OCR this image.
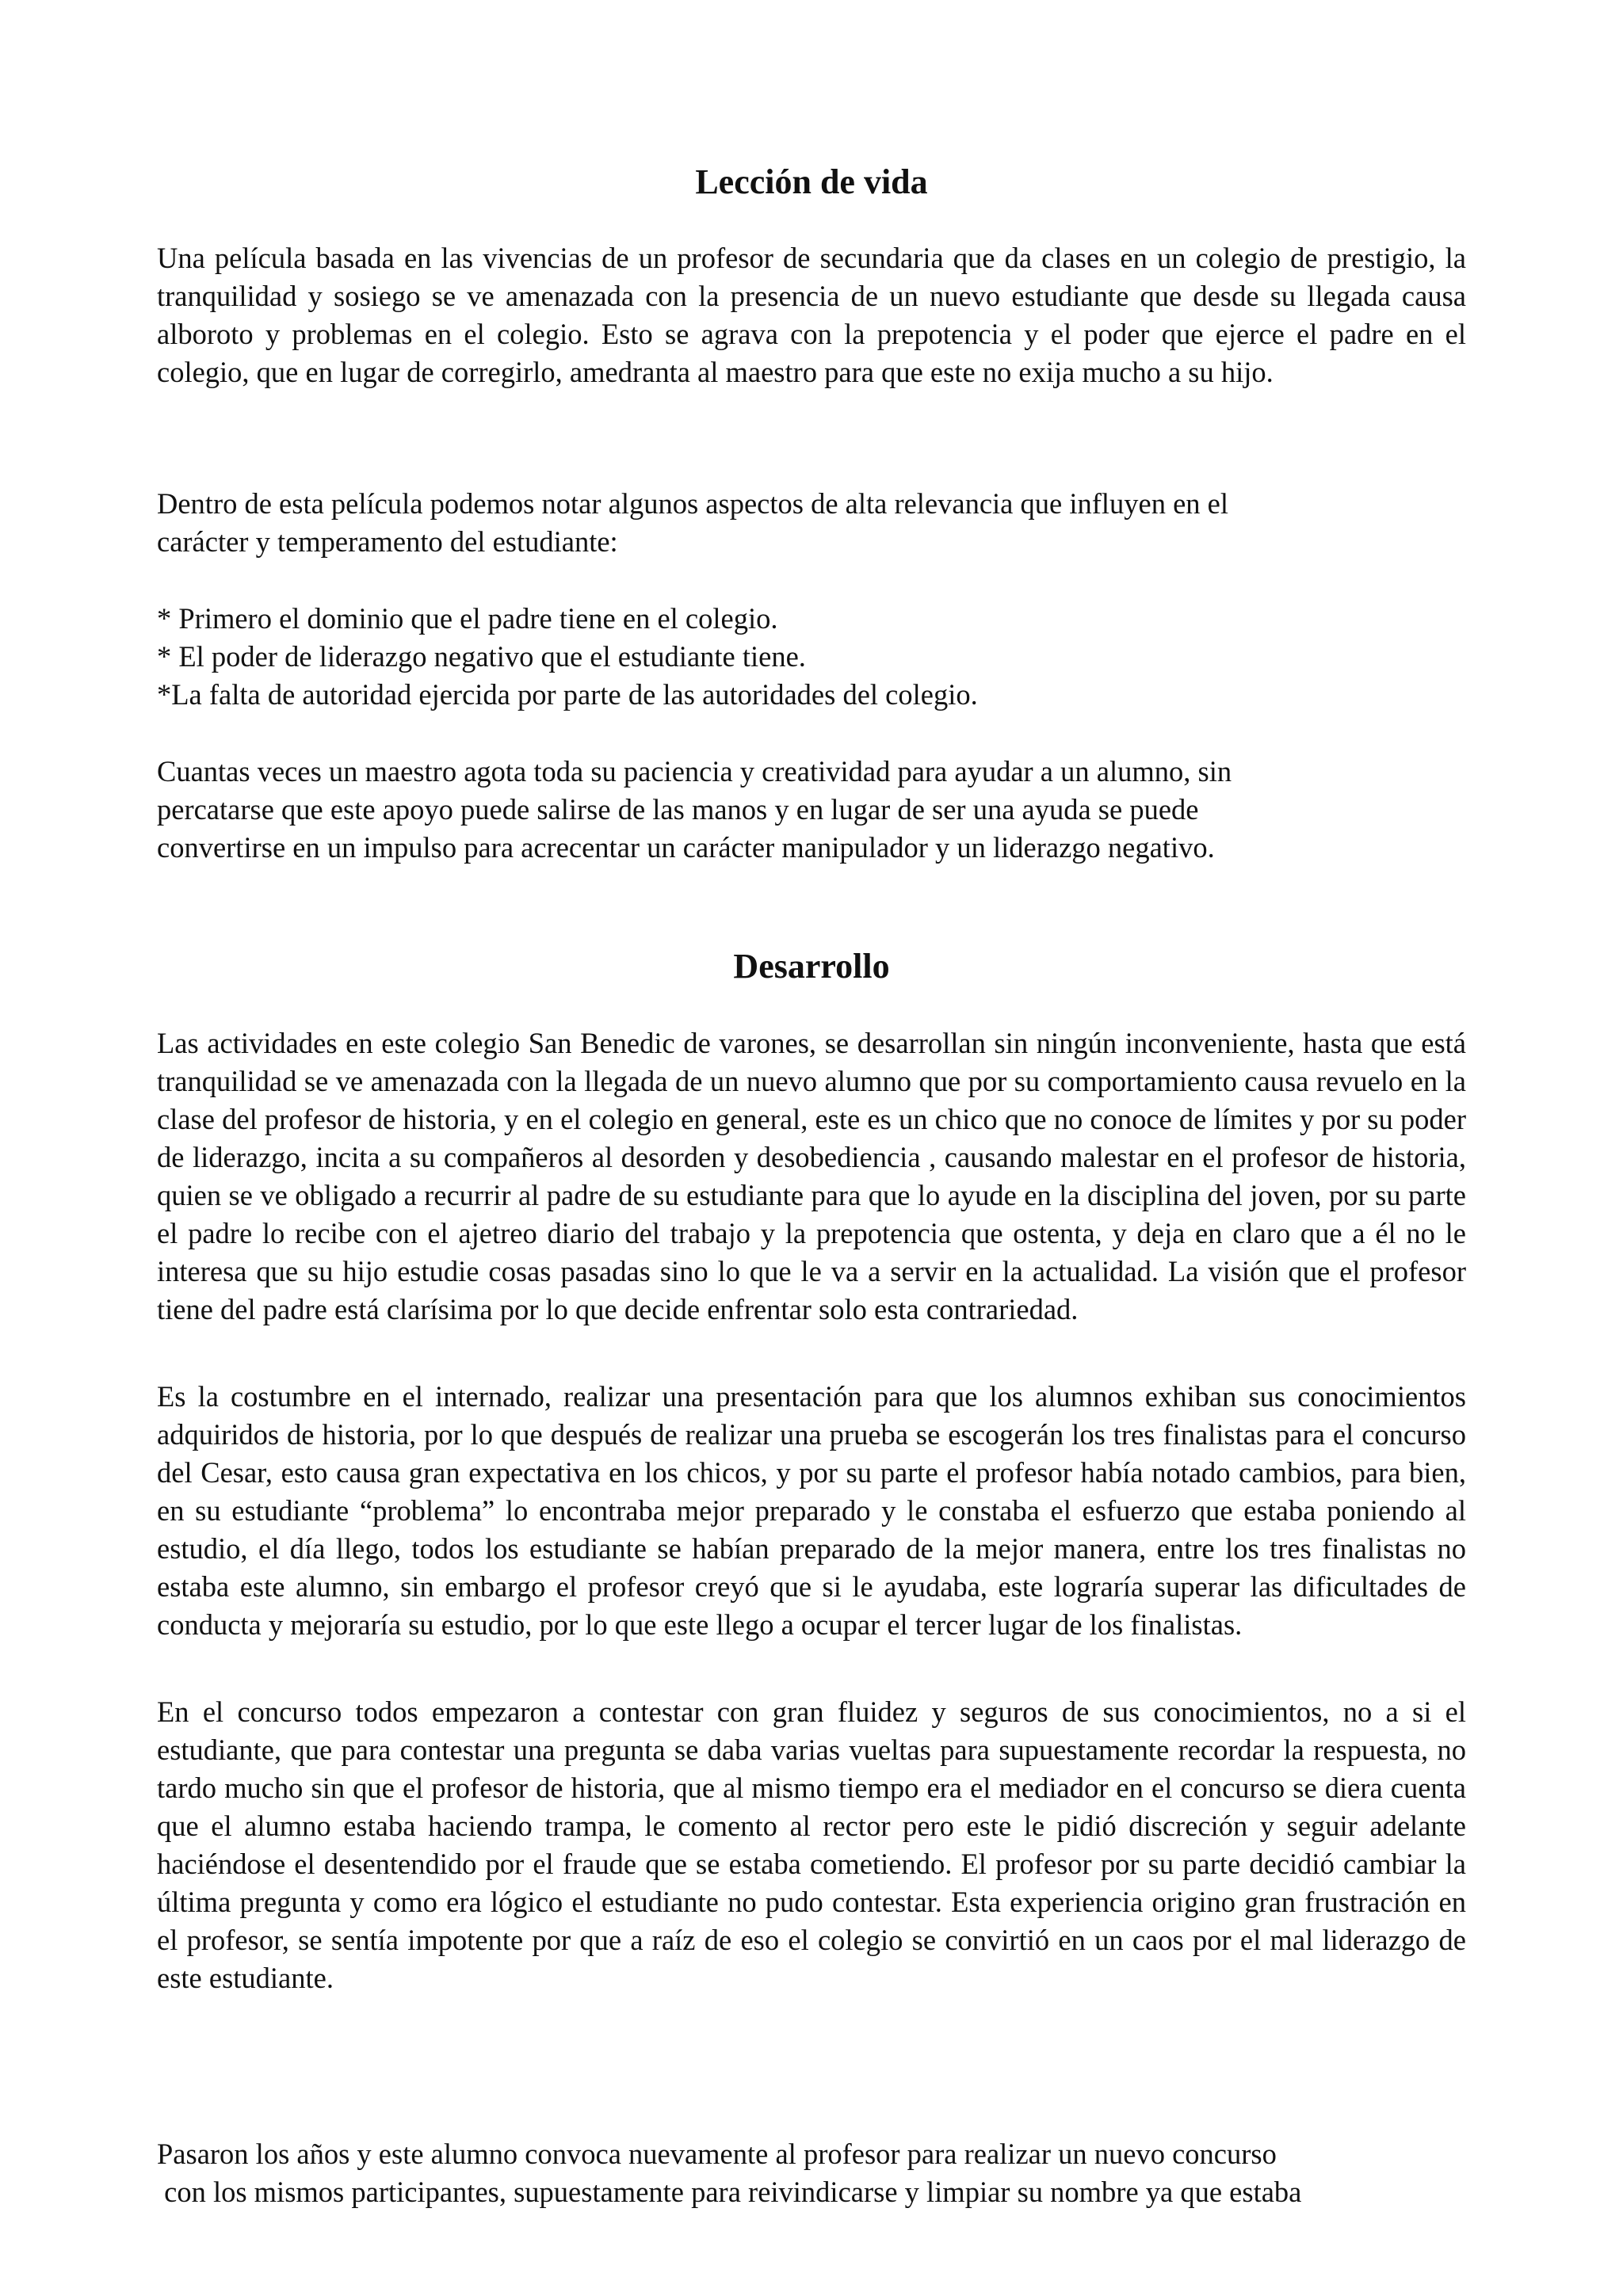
Lección de vida

Una película basada en las vivencias de un profesor de secundaria que da clases en un colegio de prestigio, la tranquilidad y sosiego se ve amenazada con la presencia de un nuevo estudiante que desde su llegada causa alboroto y problemas en el colegio. Esto se agrava con la prepotencia y el poder que ejerce el padre en el colegio, que en lugar de corregirlo, amedranta al maestro para que este no exija mucho a su hijo.

Dentro de esta película podemos notar algunos aspectos de alta relevancia que influyen en el
carácter y temperamento del estudiante:

* Primero el dominio que el padre tiene en el colegio.
* El poder de liderazgo negativo que el estudiante tiene.
*La falta de autoridad ejercida por parte de las autoridades del colegio.

Cuantas veces un maestro agota toda su paciencia y creatividad para ayudar a un alumno, sin
percatarse que este apoyo puede salirse de las manos y en lugar de ser una ayuda se puede
convertirse en un impulso para acrecentar un carácter manipulador y un liderazgo negativo.

Desarrollo

Las actividades en este colegio San Benedic de varones, se desarrollan sin ningún inconveniente, hasta que está tranquilidad se ve amenazada con la llegada de un nuevo alumno que por su comportamiento causa revuelo en la clase del profesor de historia, y en el colegio en general, este es un chico que no conoce de límites y por su poder de liderazgo, incita a su compañeros al desorden y desobediencia , causando malestar en el profesor de historia, quien se ve obligado a recurrir al padre de su estudiante para que lo ayude en la disciplina del joven, por su parte el padre lo recibe con el ajetreo diario del trabajo y la prepotencia que ostenta, y deja en claro que a él no le interesa que su hijo estudie cosas pasadas sino lo que le va a servir en la actualidad. La visión que el profesor tiene del padre está clarísima por lo que decide enfrentar solo esta contrariedad.

Es la costumbre en el internado, realizar una presentación para que los alumnos exhiban sus conocimientos adquiridos de historia, por lo que después de realizar una prueba se escogerán los tres finalistas para el concurso del Cesar, esto causa gran expectativa en los chicos, y por su parte el profesor había notado cambios, para bien, en su estudiante “problema” lo encontraba mejor preparado y le constaba el esfuerzo que estaba poniendo al estudio, el día llego, todos los estudiante se habían preparado de la mejor manera, entre los tres finalistas no estaba este alumno, sin embargo el profesor creyó que si le ayudaba, este lograría superar las dificultades de conducta y mejoraría su estudio, por lo que este llego a ocupar el tercer lugar de los finalistas.

En el concurso todos empezaron a contestar con gran fluidez y seguros de sus conocimientos, no a si el estudiante, que para contestar una pregunta se daba varias vueltas para supuestamente recordar la respuesta, no tardo mucho sin que el profesor de historia, que al mismo tiempo era el mediador en el concurso se diera cuenta que el alumno estaba haciendo trampa, le comento al rector pero este le pidió discreción y seguir adelante haciéndose el desentendido por el fraude que se estaba cometiendo. El profesor por su parte decidió cambiar la última pregunta y como era lógico el estudiante no pudo contestar. Esta experiencia origino gran frustración en el profesor, se sentía impotente por que a raíz de eso el colegio se convirtió en un caos por el mal liderazgo de este estudiante.

Pasaron los años y este alumno convoca nuevamente al profesor para realizar un nuevo concurso
con los mismos participantes, supuestamente para reivindicarse y limpiar su nombre ya que estaba
